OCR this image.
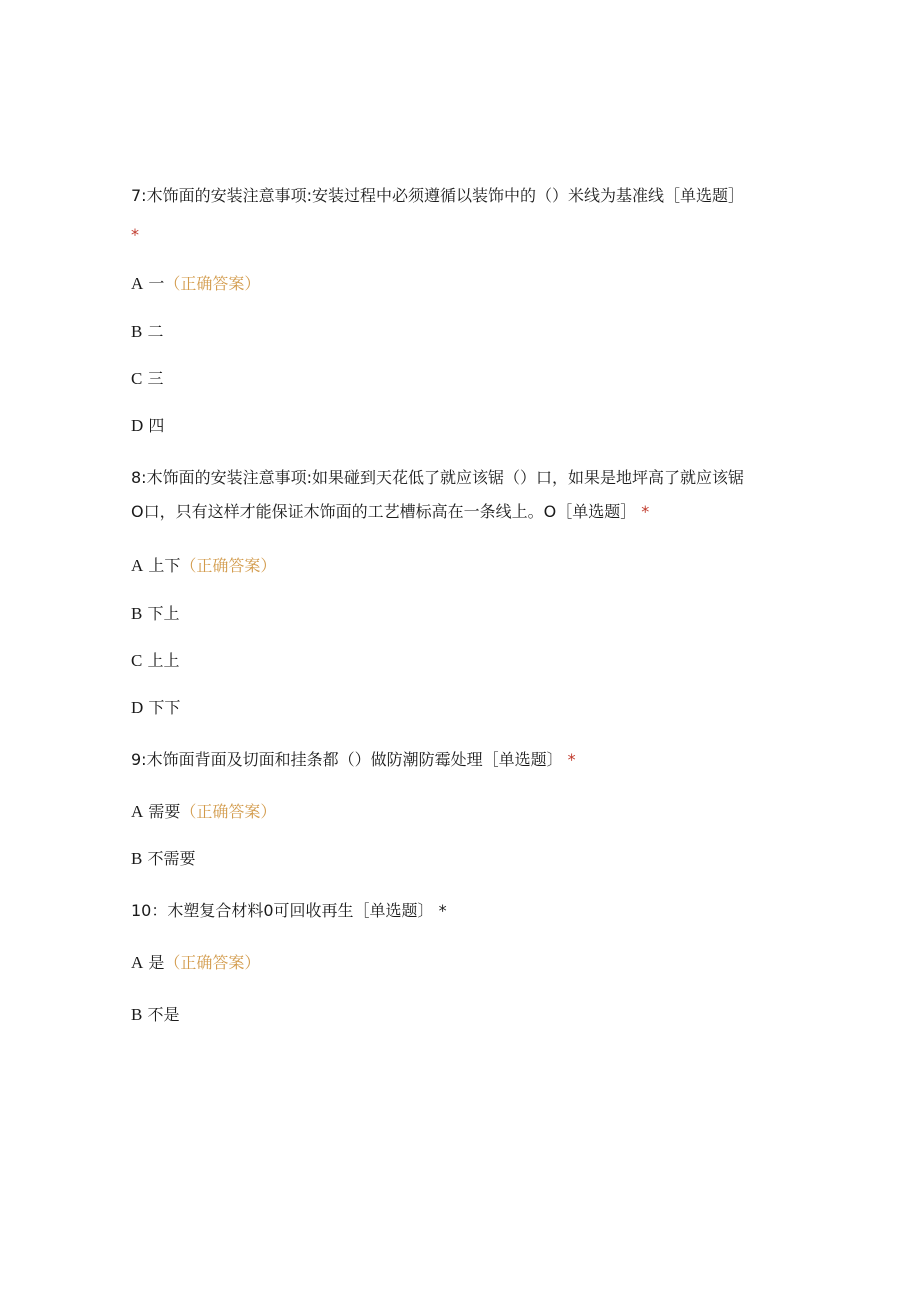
7:木饰面的安装注意事项:安装过程中必须遵循以装饰中的（）米线为基准线［单选题］
*
A 一（正确答案）
B 二
C 三
D 四
8:木饰面的安装注意事项:如果碰到天花低了就应该锯（）口，如果是地坪高了就应该锯
O口，只有这样才能保证木饰面的工艺槽标高在一条线上。O［单选题］ *
A 上下（正确答案）
B 下上
C 上上
D 下下
9:木饰面背面及切面和挂条都（）做防潮防霉处理［单选题〕 *
A 需要（正确答案）
B 不需要
10：木塑复合材料0可回收再生［单选题〕 *
A 是（正确答案）
B 不是
